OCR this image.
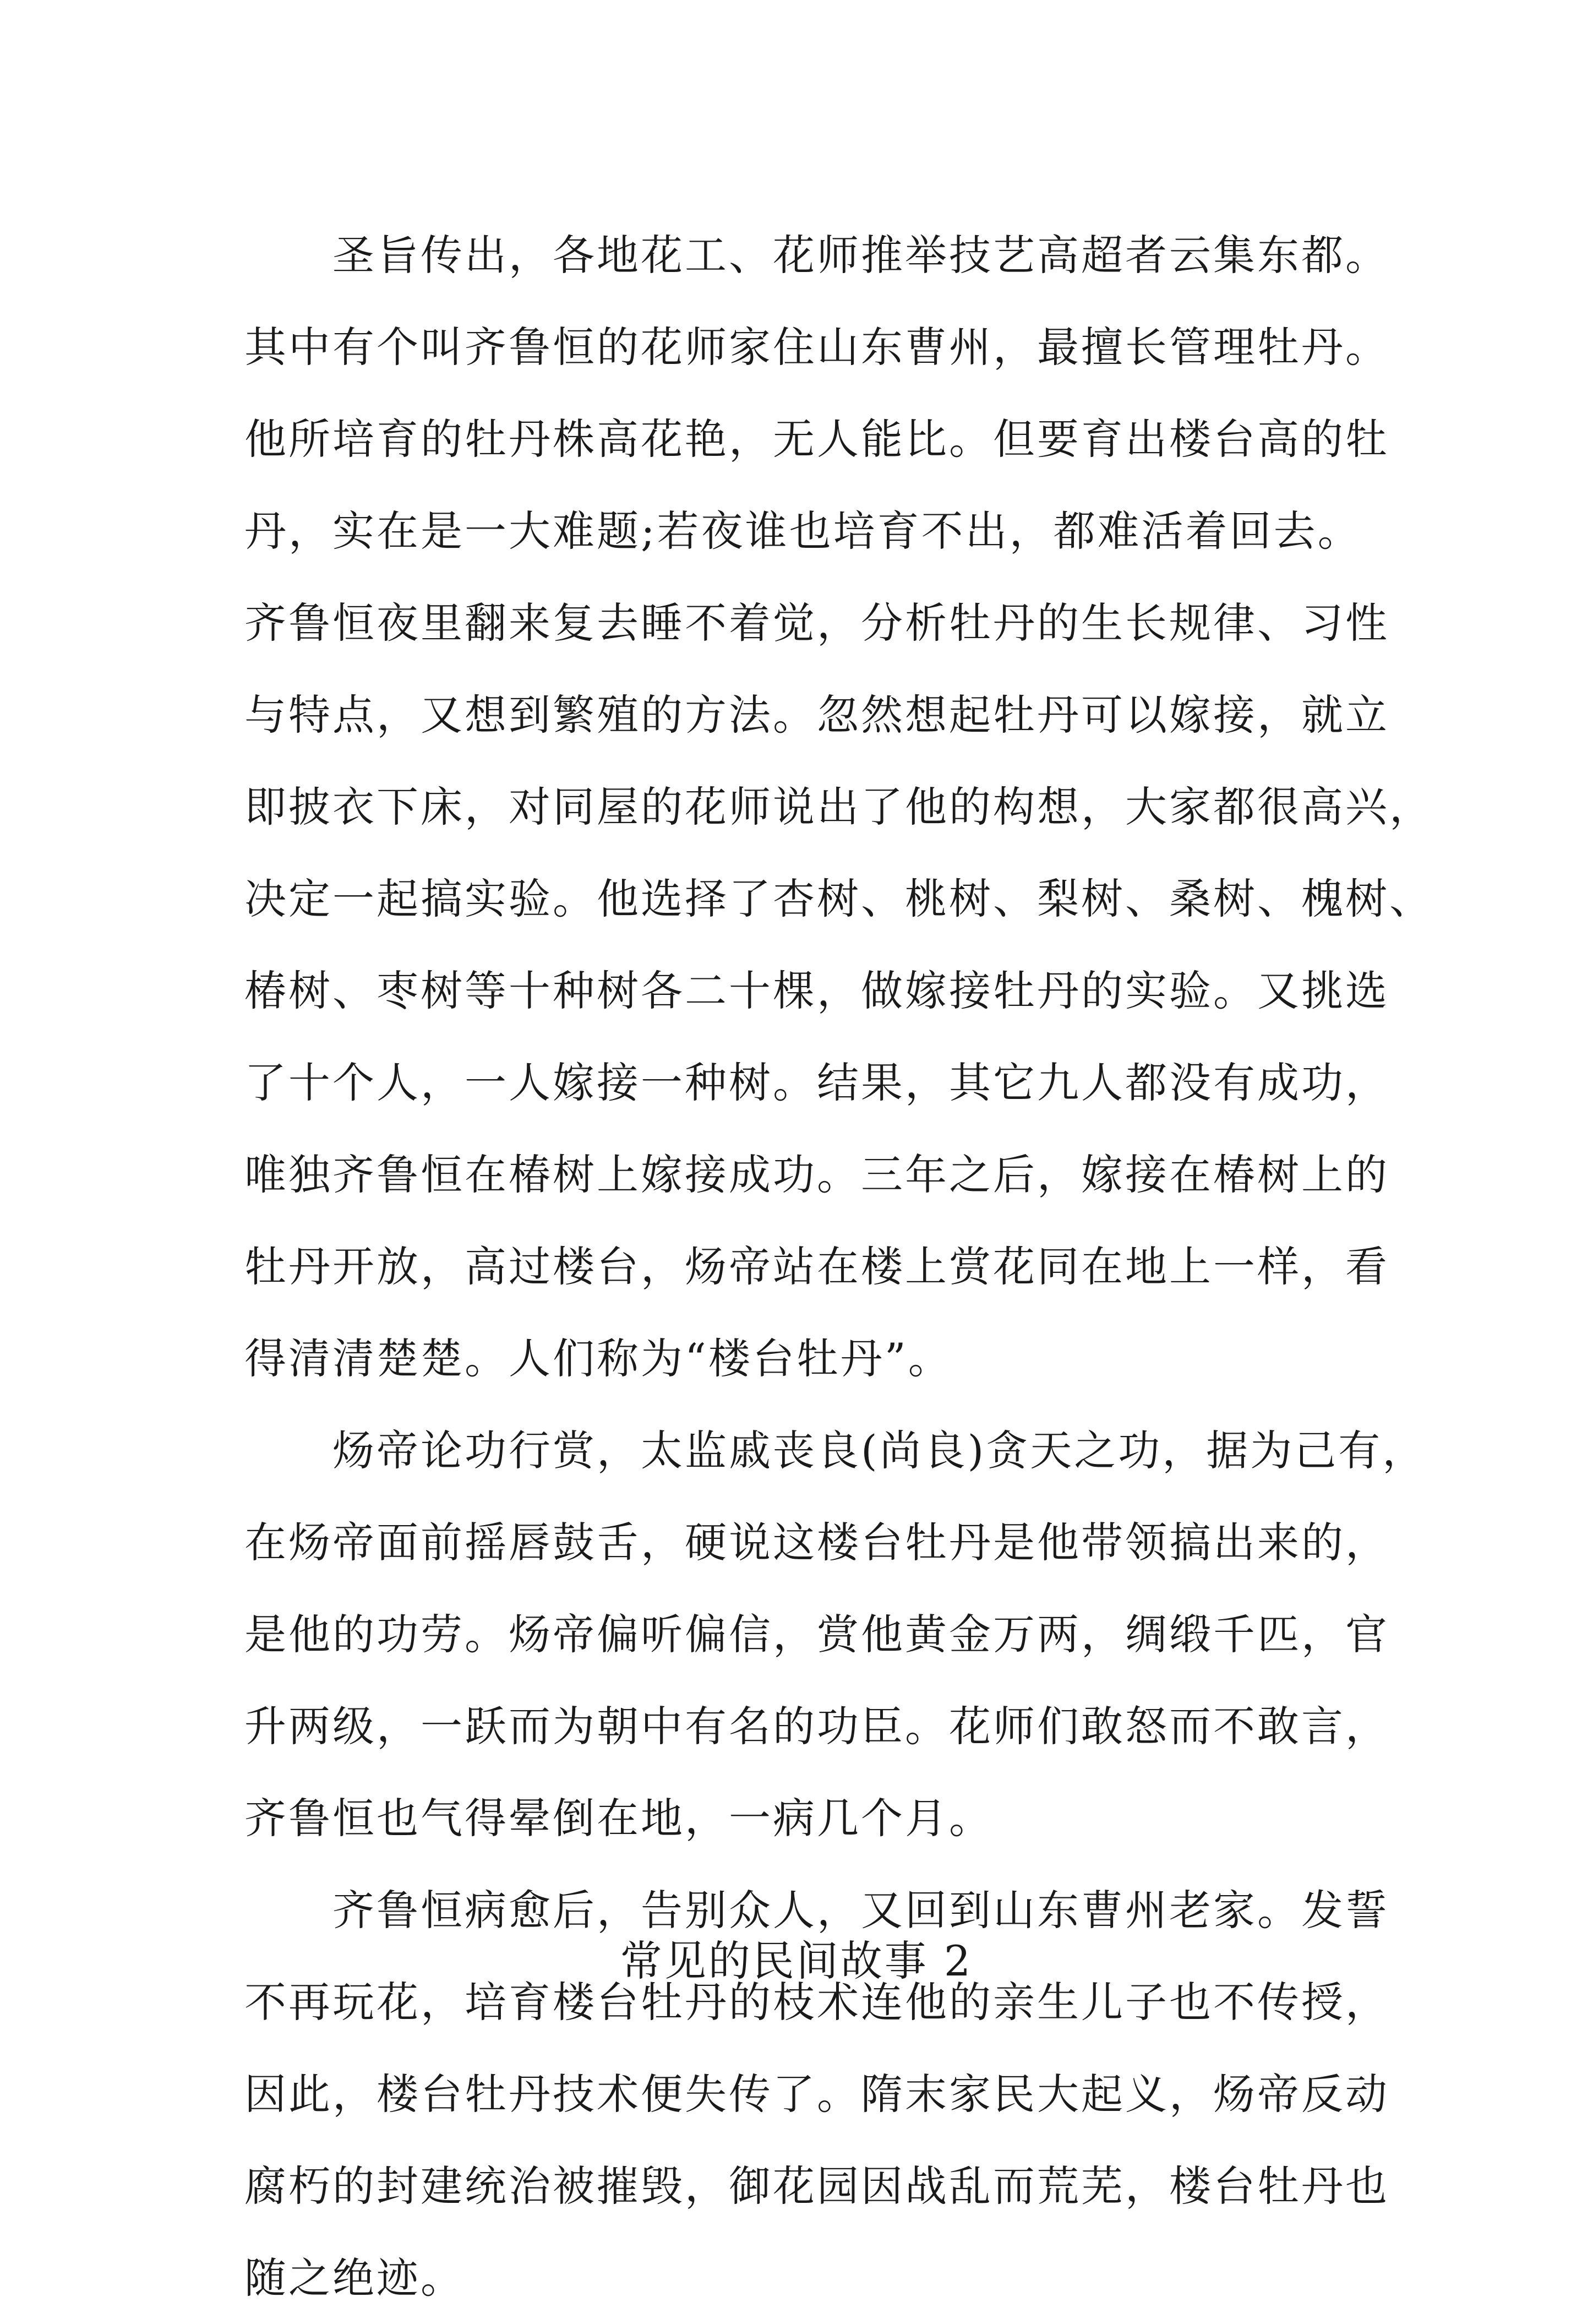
　　圣旨传出，各地花工、花师推举技艺高超者云集东都。
其中有个叫齐鲁恒的花师家住山东曹州，最擅长管理牡丹。
他所培育的牡丹株高花艳，无人能比。但要育出楼台高的牡
丹，实在是一大难题;若夜谁也培育不出，都难活着回去。
齐鲁恒夜里翻来复去睡不着觉，分析牡丹的生长规律、习性
与特点，又想到繁殖的方法。忽然想起牡丹可以嫁接，就立
即披衣下床，对同屋的花师说出了他的构想，大家都很高兴，
决定一起搞实验。他选择了杏树、桃树、梨树、桑树、槐树、
椿树、枣树等十种树各二十棵，做嫁接牡丹的实验。又挑选
了十个人，一人嫁接一种树。结果，其它九人都没有成功，
唯独齐鲁恒在椿树上嫁接成功。三年之后，嫁接在椿树上的
牡丹开放，高过楼台，炀帝站在楼上赏花同在地上一样，看
得清清楚楚。人们称为“楼台牡丹”。
　　炀帝论功行赏，太监戚丧良(尚良)贪天之功，据为己有，
在炀帝面前摇唇鼓舌，硬说这楼台牡丹是他带领搞出来的，
是他的功劳。炀帝偏听偏信，赏他黄金万两，绸缎千匹，官
升两级，一跃而为朝中有名的功臣。花师们敢怒而不敢言，
齐鲁恒也气得晕倒在地，一病几个月。
　　齐鲁恒病愈后，告别众人，又回到山东曹州老家。发誓
不再玩花，培育楼台牡丹的枝术连他的亲生儿子也不传授，
因此，楼台牡丹技术便失传了。隋末家民大起义，炀帝反动
腐朽的封建统治被摧毁，御花园因战乱而荒芜，楼台牡丹也
随之绝迹。
常见的民间故事 2
